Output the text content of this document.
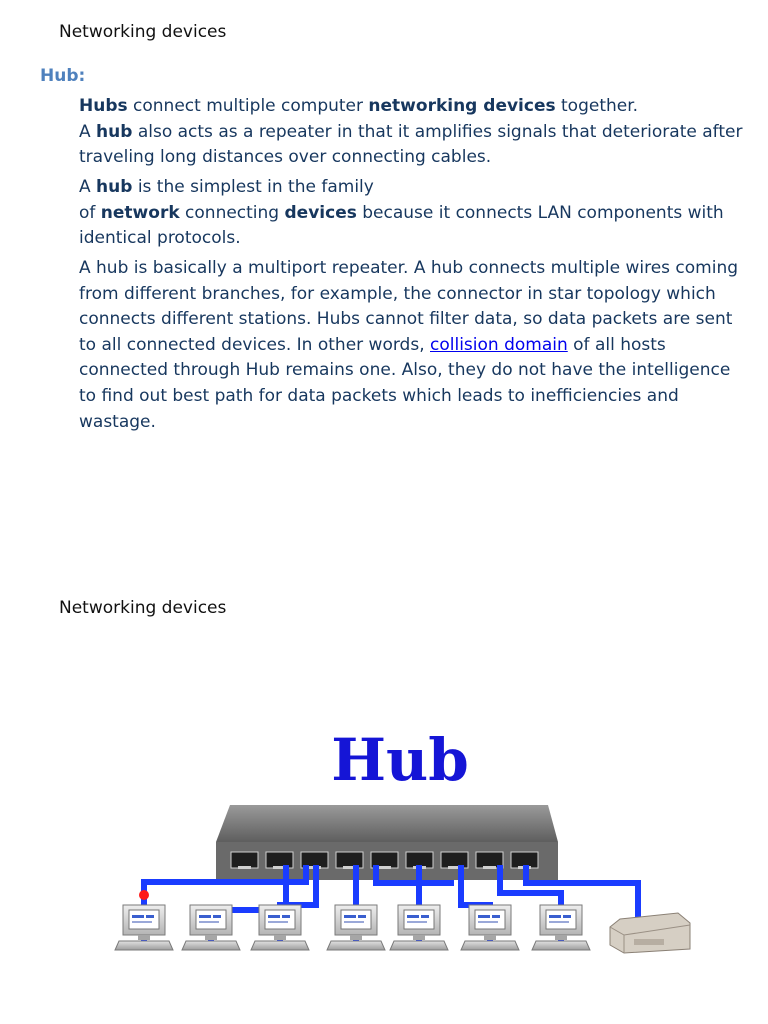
Networking devices
Hub:

Hubs connect multiple computer networking devices together.
A hub also acts as a repeater in that it amplifies signals that deteriorate after traveling long distances over connecting cables.

A hub is the simplest in the family
of network connecting devices because it connects LAN components with identical protocols.

A hub is basically a multiport repeater. A hub connects multiple wires coming from different branches, for example, the connector in star topology which connects different stations. Hubs cannot filter data, so data packets are sent to all connected devices. In other words, collision domain of all hosts connected through Hub remains one. Also, they do not have the intelligence to find out best path for data packets which leads to inefficiencies and wastage.

Networking devices
Hub
